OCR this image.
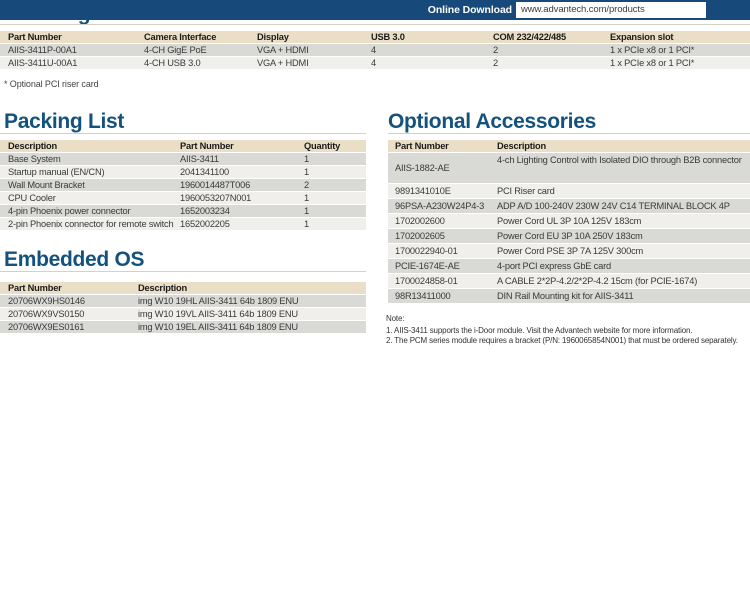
Part Number	Camera Interface	Display	USB 3.0	COM 232/422/485	Expansion slot
AIIS-3411P-00A1	4-CH GigE PoE	VGA + HDMI	4	2	1 x PCIe x8 or 1 PCI*
AIIS-3411U-00A1	4-CH USB 3.0	VGA + HDMI	4	2	1 x PCIe x8 or 1 PCI*
* Optional PCI riser card
Packing List
Description	Part Number	Quantity
Base System	AIIS-3411	1
Startup manual (EN/CN)	2041341100	1
Wall Mount Bracket	1960014487T006	2
CPU Cooler	1960053207N001	1
4-pin Phoenix power connector	1652003234	1
2-pin Phoenix connector for remote switch	1652002205	1
Optional Accessories
Part Number	Description
AIIS-1882-AE	4-ch Lighting Control with Isolated DIO through B2B connector
9891341010E	PCI Riser card
96PSA-A230W24P4-3	ADP A/D 100-240V 230W 24V C14 TERMINAL BLOCK 4P
1702002600	Power Cord UL 3P 10A 125V 183cm
1702002605	Power Cord EU 3P 10A 250V 183cm
1700022940-01	Power Cord PSE 3P 7A 125V 300cm
PCIE-1674E-AE	4-port PCI express GbE card
1700024858-01	A CABLE 2*2P-4.2/2*2P-4.2 15cm (for PCIE-1674)
98R13411000	DIN Rail Mounting kit for AIIS-3411
Note:
1. AIIS-3411 supports the i-Door module. Visit the Advantech website for more information.
2. The PCM series module requires a bracket (P/N: 1960065854N001) that must be ordered separately.
Embedded OS
Part Number	Description
20706WX9HS0146	img W10 19HL AIIS-3411 64b 1809 ENU
20706WX9VS0150	img W10 19VL AIIS-3411 64b 1809 ENU
20706WX9ES0161	img W10 19EL AIIS-3411 64b 1809 ENU
Online Download www.advantech.com/products
